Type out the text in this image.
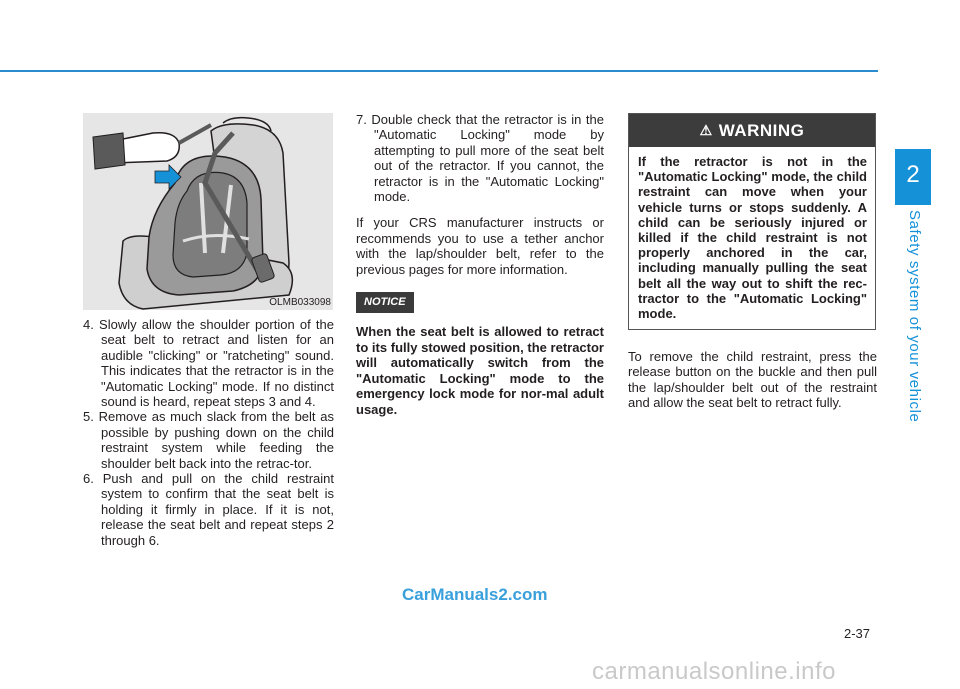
2
Safety system of your vehicle
OLMB033098

4. Slowly allow the shoulder portion of the seat belt to retract and listen for an audible "clicking" or "ratcheting" sound. This indicates that the retractor is in the "Automatic Locking" mode. If no distinct sound is heard, repeat steps 3 and 4.

5. Remove as much slack from the belt as possible by pushing down on the child restraint system while feeding the shoulder belt back into the retrac-tor.

6. Push and pull on the child restraint system to confirm that the seat belt is holding it firmly in place. If it is not, release the seat belt and repeat steps 2 through 6.

7. Double check that the retractor is in the "Automatic Locking" mode by attempting to pull more of the seat belt out of the retractor. If you cannot, the retractor is in the "Automatic Locking" mode.

If your CRS manufacturer instructs or recommends you to use a tether anchor with the lap/shoulder belt, refer to the previous pages for more information.

NOTICE

When the seat belt is allowed to retract to its fully stowed position, the retractor will automatically switch from the "Automatic Locking" mode to the emergency lock mode for nor-mal adult usage.

⚠ WARNING
If the retractor is not in the "Automatic Locking" mode, the child restraint can move when your vehicle turns or stops suddenly. A child can be seriously injured or killed if the child restraint is not properly anchored in the car, including manually pulling the seat belt all the way out to shift the rec-tractor to the "Automatic Locking" mode.

To remove the child restraint, press the release button on the buckle and then pull the lap/shoulder belt out of the restraint and allow the seat belt to retract fully.

2-37
CarManuals2.com
carmanualsonline.info
